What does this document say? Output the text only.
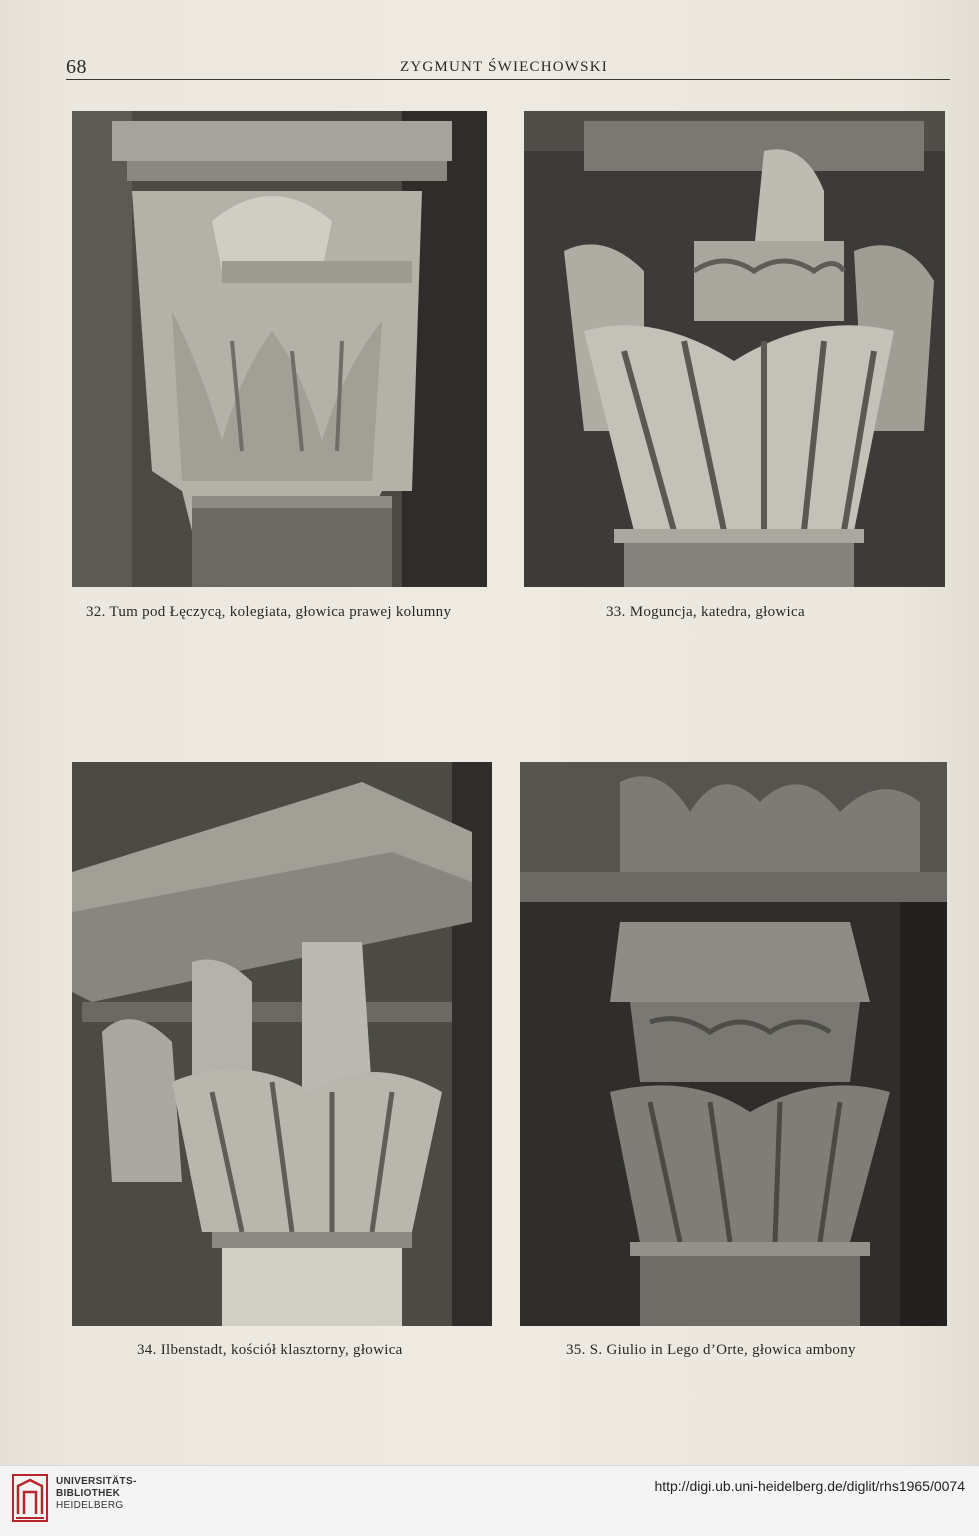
68	ZYGMUNT ŚWIECHOWSKI
32. Tum pod Łęczycą, kolegiata, głowica prawej kolumny	33. Moguncja, katedra, głowica
34. Ilbenstadt, kościół klasztorny, głowica	35. S. Giulio in Lego d’Orte, głowica ambony
UNIVERSITÄTS-
BIBLIOTHEK
HEIDELBERG
http://digi.ub.uni-heidelberg.de/diglit/rhs1965/0074
